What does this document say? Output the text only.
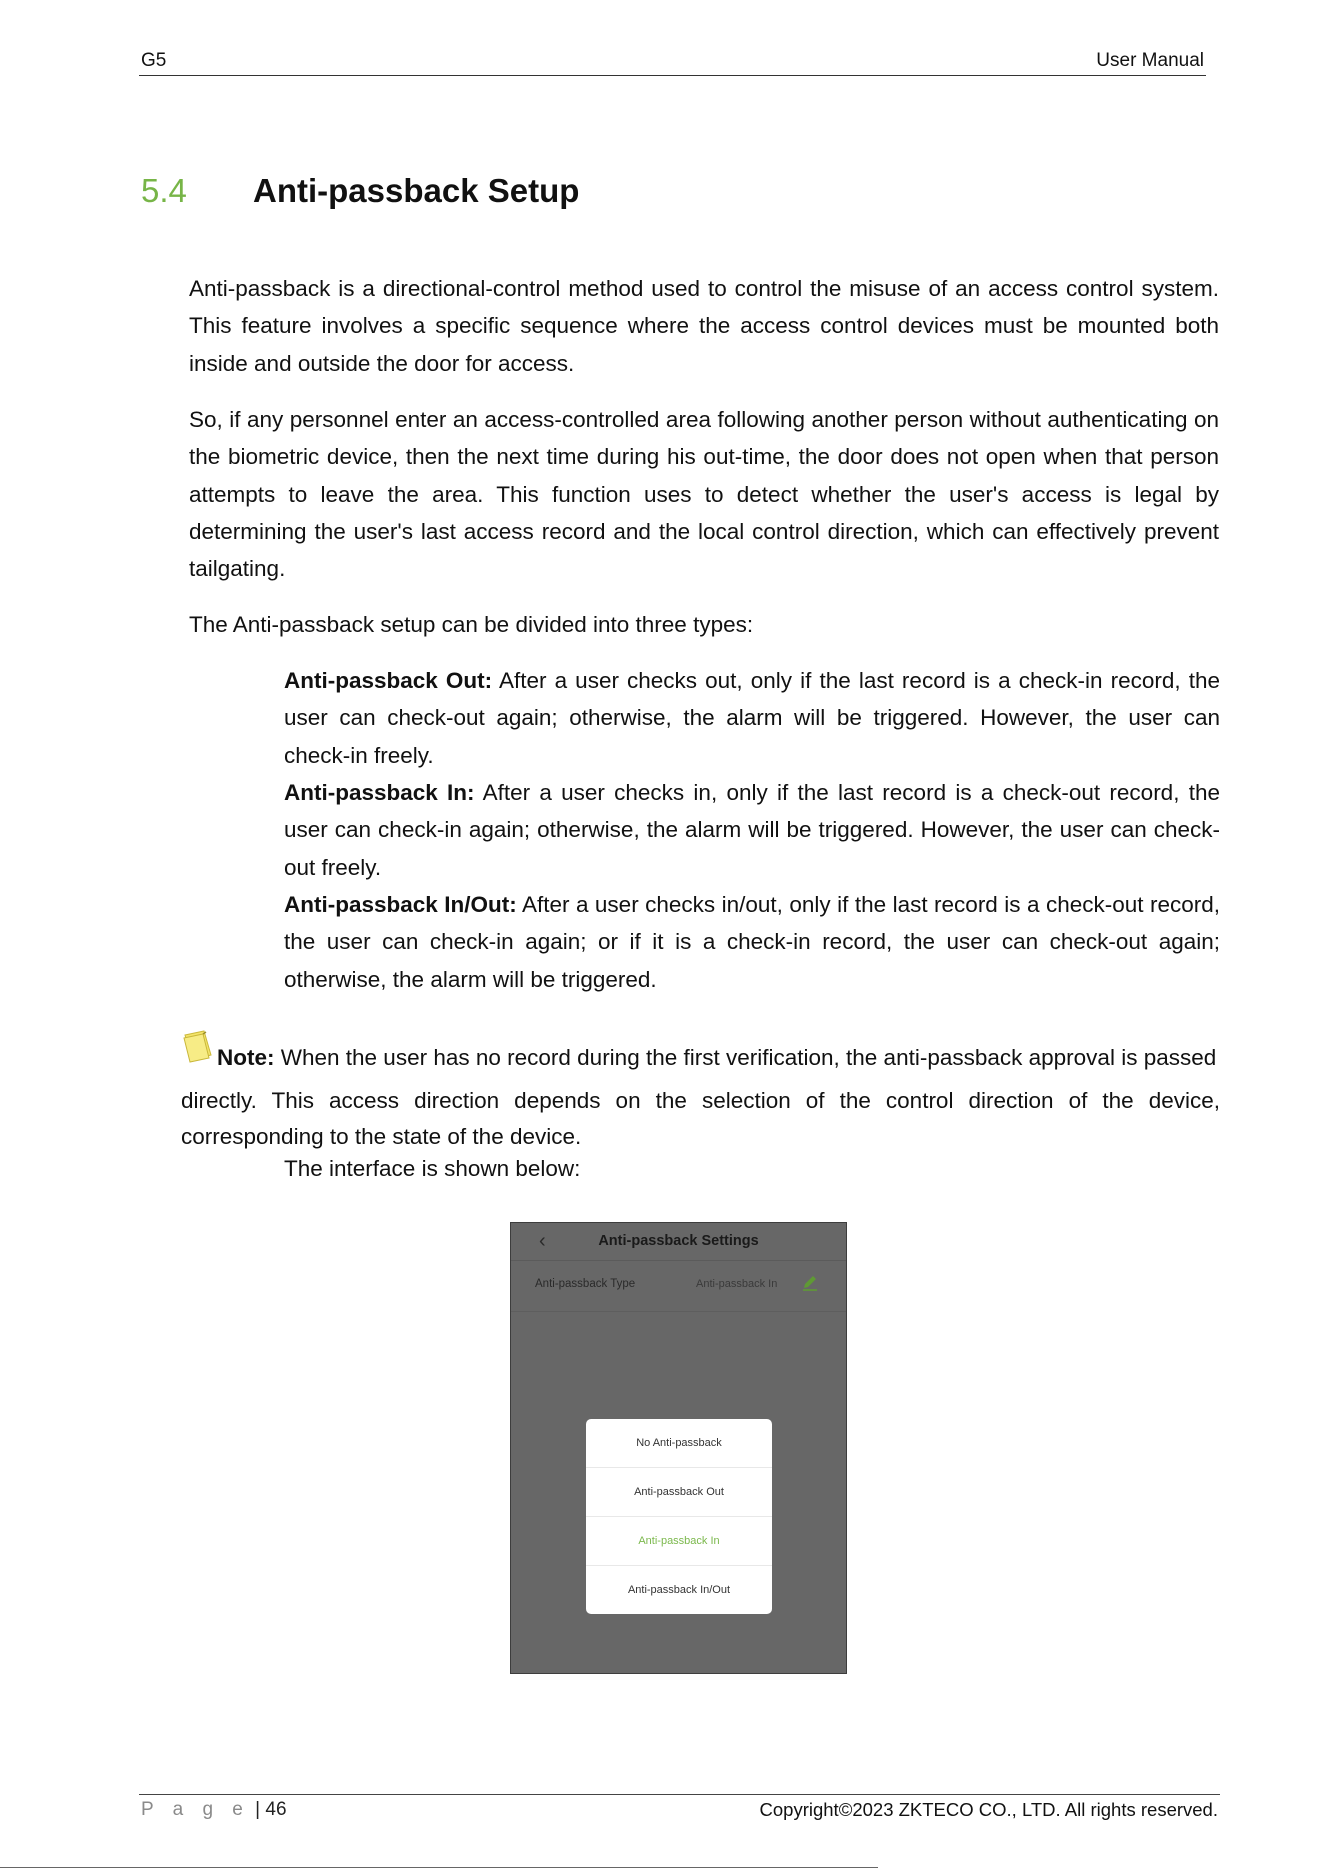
G5	User Manual
5.4 Anti-passback Setup
Anti-passback is a directional-control method used to control the misuse of an access control system. This feature involves a specific sequence where the access control devices must be mounted both inside and outside the door for access.
So, if any personnel enter an access-controlled area following another person without authenticating on the biometric device, then the next time during his out-time, the door does not open when that person attempts to leave the area. This function uses to detect whether the user's access is legal by determining the user's last access record and the local control direction, which can effectively prevent tailgating.
The Anti-passback setup can be divided into three types:
Anti-passback Out: After a user checks out, only if the last record is a check-in record, the user can check-out again; otherwise, the alarm will be triggered. However, the user can check-in freely.
Anti-passback In: After a user checks in, only if the last record is a check-out record, the user can check-in again; otherwise, the alarm will be triggered. However, the user can check-out freely.
Anti-passback In/Out: After a user checks in/out, only if the last record is a check-out record, the user can check-in again; or if it is a check-in record, the user can check-out again; otherwise, the alarm will be triggered.
Note: When the user has no record during the first verification, the anti-passback approval is passed
directly. This access direction depends on the selection of the control direction of the device, corresponding to the state of the device.
The interface is shown below:
‹	Anti-passback Settings
Anti-passback Type	Anti-passback In
No Anti-passback
Anti-passback Out
Anti-passback In
Anti-passback In/Out
P a g e | 46	Copyright©2023 ZKTECO CO., LTD. All rights reserved.
